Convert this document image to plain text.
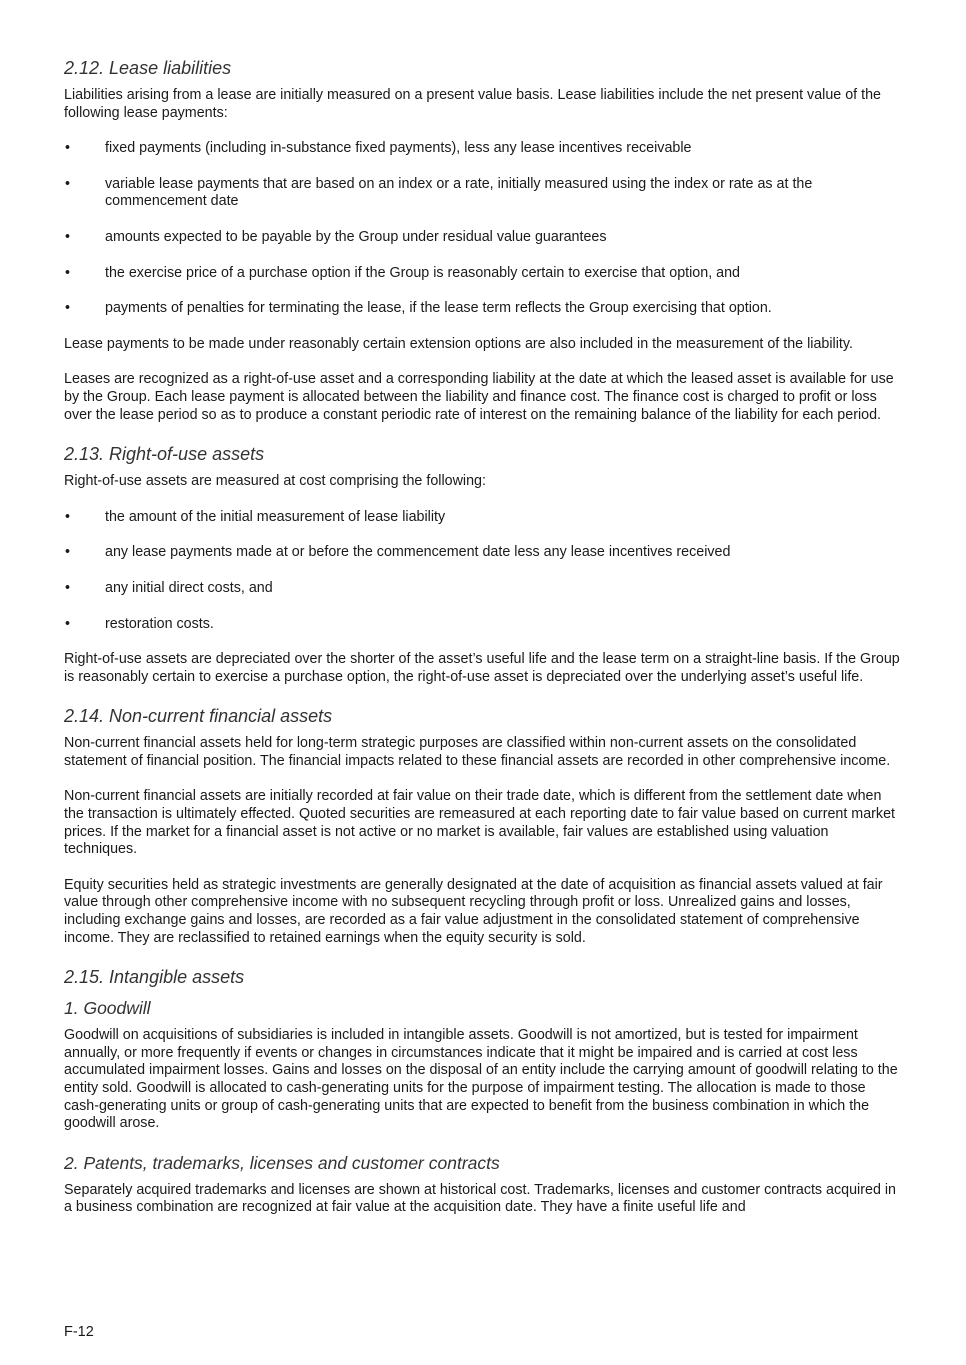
2.12. Lease liabilities

Liabilities arising from a lease are initially measured on a present value basis. Lease liabilities include the net present value of the following lease payments:

• fixed payments (including in-substance fixed payments), less any lease incentives receivable
• variable lease payments that are based on an index or a rate, initially measured using the index or rate as at the commencement date
• amounts expected to be payable by the Group under residual value guarantees
• the exercise price of a purchase option if the Group is reasonably certain to exercise that option, and
• payments of penalties for terminating the lease, if the lease term reflects the Group exercising that option.

Lease payments to be made under reasonably certain extension options are also included in the measurement of the liability.

Leases are recognized as a right-of-use asset and a corresponding liability at the date at which the leased asset is available for use by the Group. Each lease payment is allocated between the liability and finance cost. The finance cost is charged to profit or loss over the lease period so as to produce a constant periodic rate of interest on the remaining balance of the liability for each period.

2.13. Right-of-use assets

Right-of-use assets are measured at cost comprising the following:

• the amount of the initial measurement of lease liability
• any lease payments made at or before the commencement date less any lease incentives received
• any initial direct costs, and
• restoration costs.

Right-of-use assets are depreciated over the shorter of the asset’s useful life and the lease term on a straight-line basis. If the Group is reasonably certain to exercise a purchase option, the right-of-use asset is depreciated over the underlying asset’s useful life.

2.14. Non-current financial assets

Non-current financial assets held for long-term strategic purposes are classified within non-current assets on the consolidated statement of financial position. The financial impacts related to these financial assets are recorded in other comprehensive income.

Non-current financial assets are initially recorded at fair value on their trade date, which is different from the settlement date when the transaction is ultimately effected. Quoted securities are remeasured at each reporting date to fair value based on current market prices. If the market for a financial asset is not active or no market is available, fair values are established using valuation techniques.

Equity securities held as strategic investments are generally designated at the date of acquisition as financial assets valued at fair value through other comprehensive income with no subsequent recycling through profit or loss. Unrealized gains and losses, including exchange gains and losses, are recorded as a fair value adjustment in the consolidated statement of comprehensive income. They are reclassified to retained earnings when the equity security is sold.

2.15. Intangible assets
1. Goodwill

Goodwill on acquisitions of subsidiaries is included in intangible assets. Goodwill is not amortized, but is tested for impairment annually, or more frequently if events or changes in circumstances indicate that it might be impaired and is carried at cost less accumulated impairment losses. Gains and losses on the disposal of an entity include the carrying amount of goodwill relating to the entity sold. Goodwill is allocated to cash-generating units for the purpose of impairment testing. The allocation is made to those cash-generating units or group of cash-generating units that are expected to benefit from the business combination in which the goodwill arose.

2. Patents, trademarks, licenses and customer contracts

Separately acquired trademarks and licenses are shown at historical cost. Trademarks, licenses and customer contracts acquired in a business combination are recognized at fair value at the acquisition date. They have a finite useful life and

F-12
